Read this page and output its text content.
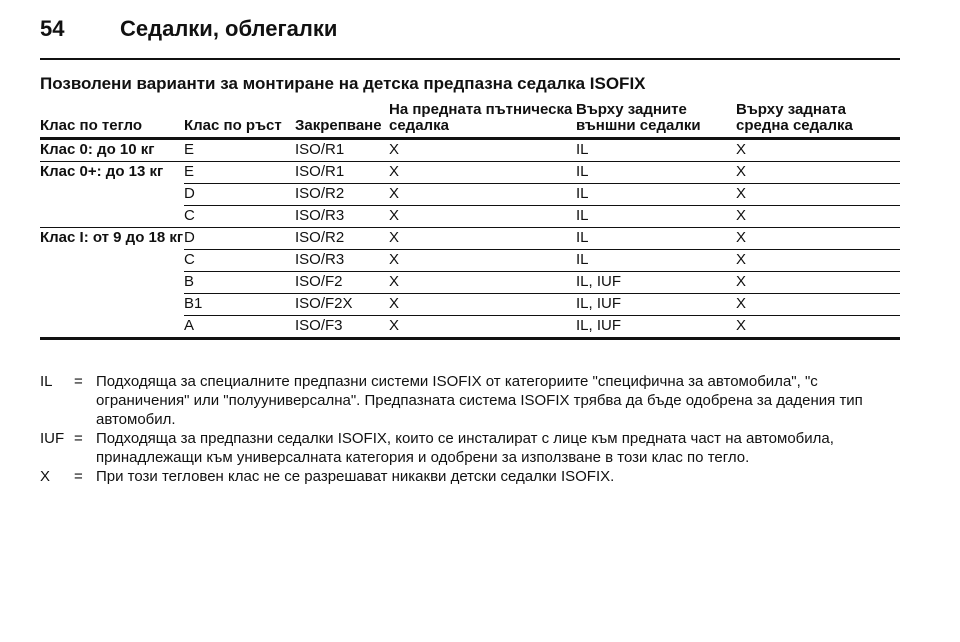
54	Седалки, облегалки
Позволени варианти за монтиране на детска предпазна седалка ISOFIX
Клас по тегло	Клас по ръст	Закрепване	На предната пътническа седалка	Върху задните външни седалки	Върху задната средна седалка
Клас 0: до 10 кг	E	ISO/R1	X	IL	X
Клас 0+: до 13 кг	E	ISO/R1	X	IL	X
	D	ISO/R2	X	IL	X
	C	ISO/R3	X	IL	X
Клас I: от 9 до 18 кг	D	ISO/R2	X	IL	X
	C	ISO/R3	X	IL	X
	B	ISO/F2	X	IL, IUF	X
	B1	ISO/F2X	X	IL, IUF	X
	A	ISO/F3	X	IL, IUF	X
IL	= Подходяща за специалните предпазни системи ISOFIX от категориите "специфична за автомобила", "с ограничения" или "полууниверсална". Предпазната система ISOFIX трябва да бъде одобрена за дадения тип автомобил.
IUF = Подходяща за предпазни седалки ISOFIX, които се инсталират с лице към предната част на автомобила, принадлежащи към универсалната категория и одобрени за използване в този клас по тегло.
X	= При този тегловен клас не се разрешават никакви детски седалки ISOFIX.
